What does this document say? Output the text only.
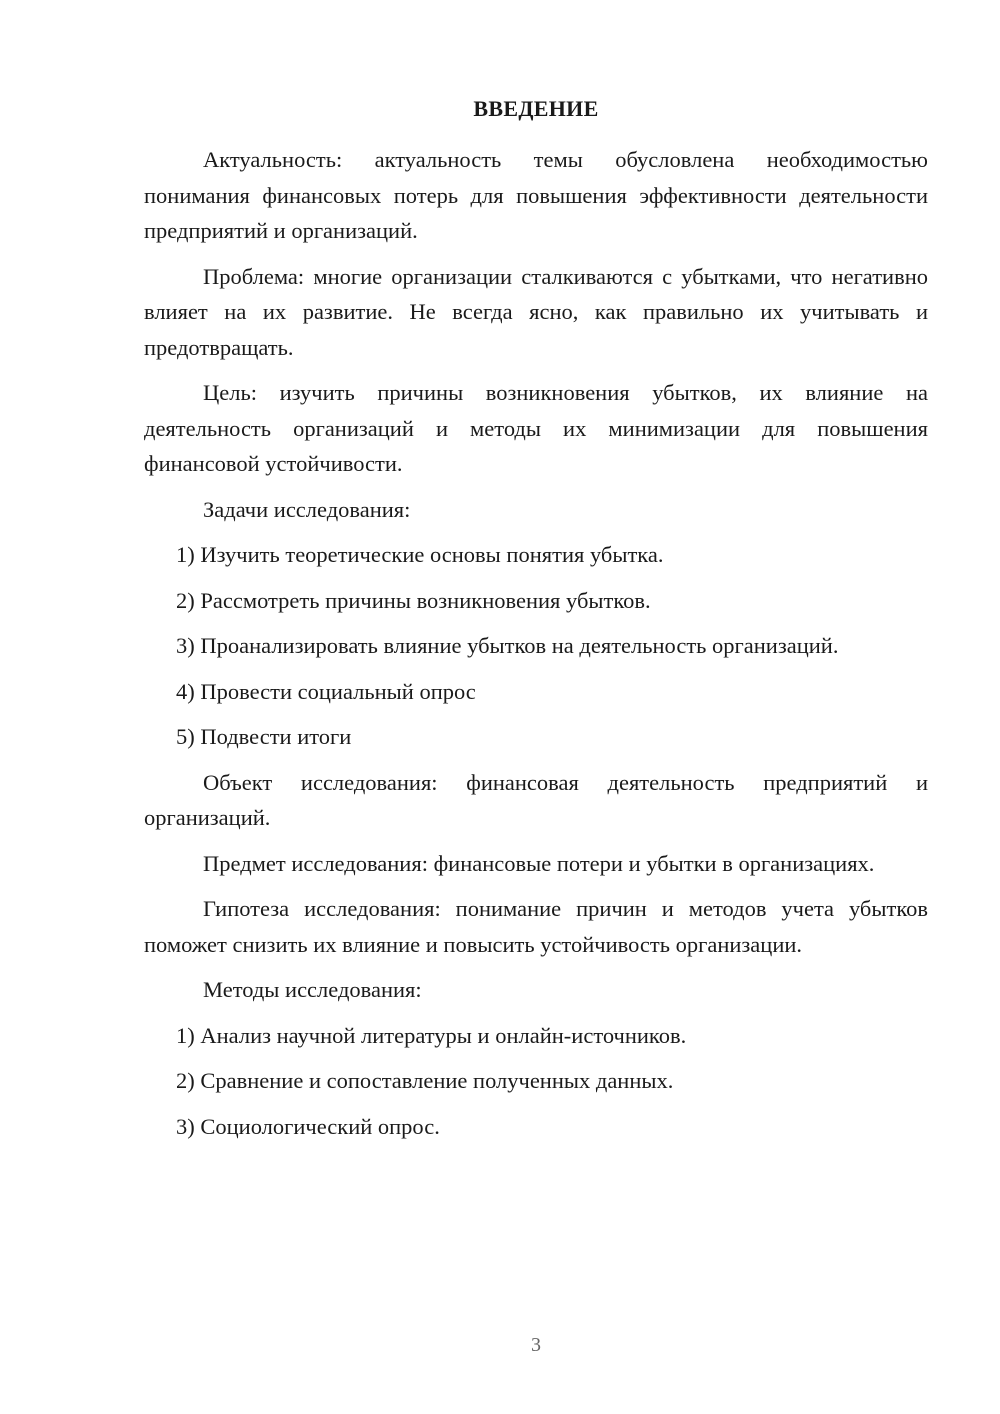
ВВЕДЕНИЕ

Актуальность: актуальность темы обусловлена необходимостью понимания финансовых потерь для повышения эффективности деятельности предприятий и организаций.

Проблема: многие организации сталкиваются с убытками, что негативно влияет на их развитие. Не всегда ясно, как правильно их учитывать и предотвращать.

Цель: изучить причины возникновения убытков, их влияние на деятельность организаций и методы их минимизации для повышения финансовой устойчивости.

Задачи исследования:

1) Изучить теоретические основы понятия убытка.

2) Рассмотреть причины возникновения убытков.

3) Проанализировать влияние убытков на деятельность организаций.

4) Провести социальный опрос

5) Подвести итоги

Объект исследования: финансовая деятельность предприятий и организаций.

Предмет исследования: финансовые потери и убытки в организациях.

Гипотеза исследования: понимание причин и методов учета убытков поможет снизить их влияние и повысить устойчивость организации.

Методы исследования:

1) Анализ научной литературы и онлайн-источников.

2) Сравнение и сопоставление полученных данных.

3) Социологический опрос.

3
